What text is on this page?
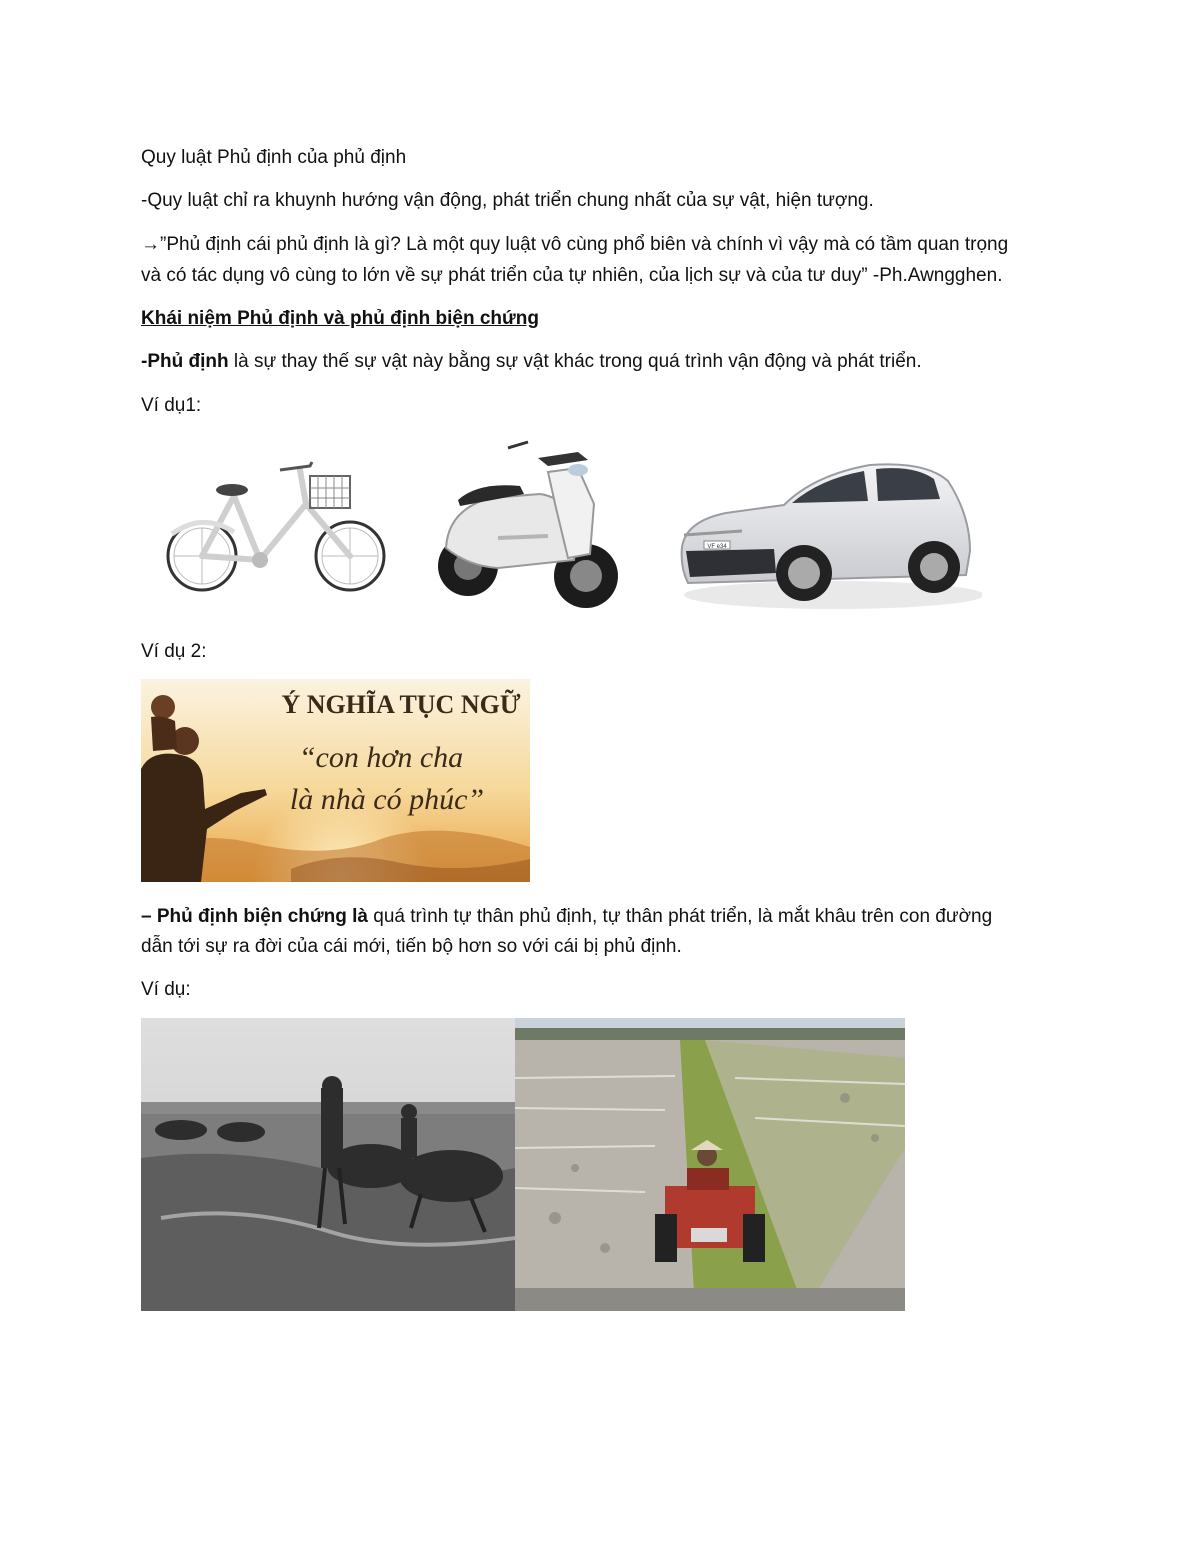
Quy luật Phủ định của phủ định
-Quy luật chỉ ra khuynh hướng vận động, phát triển chung nhất của sự vật, hiện tượng.
→”Phủ định cái phủ định là gì? Là một quy luật vô cùng phổ biên và chính vì vậy mà có tầm quan trọng
và có tác dụng vô cùng to lớn về sự phát triển của tự nhiên, của lịch sự và của tư duy” -Ph.Awngghen.
Khái niệm Phủ định và phủ định biện chứng
-Phủ định là sự thay thế sự vật này bằng sự vật khác trong quá trình vận động và phát triển.
Ví dụ1:
VF e34
Ví dụ 2:
Ý NGHĨA TỤC NGỮ
“con hơn cha
là nhà có phúc”
– Phủ định biện chứng là quá trình tự thân phủ định, tự thân phát triển, là mắt khâu trên con đường
dẫn tới sự ra đời của cái mới, tiến bộ hơn so với cái bị phủ định.
Ví dụ:
